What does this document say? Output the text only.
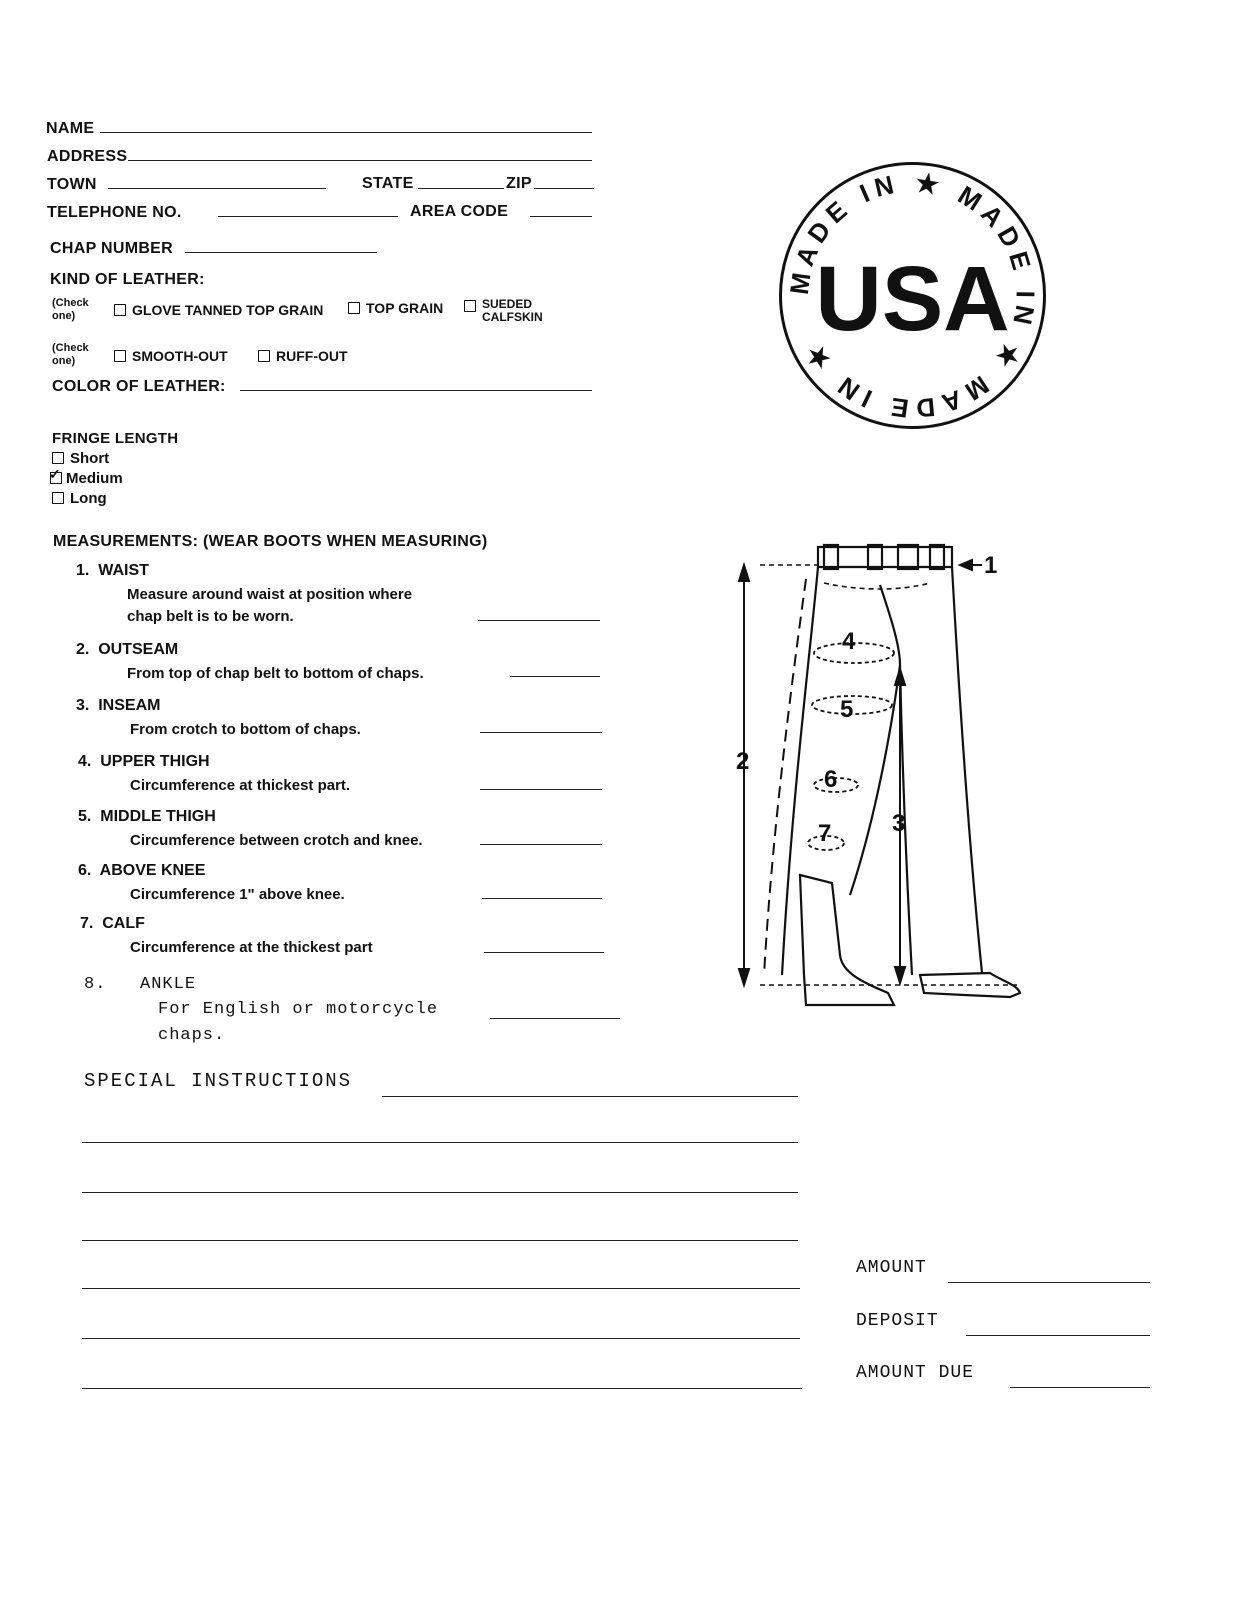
NAME
ADDRESS
TOWN	STATE	ZIP
TELEPHONE NO.	AREA CODE
CHAP NUMBER
KIND OF LEATHER:
(Check one)	GLOVE TANNED TOP GRAIN	TOP GRAIN	SUEDED CALFSKIN
(Check one)	SMOOTH-OUT	RUFF-OUT
COLOR OF LEATHER:
FRINGE LENGTH
Short
✓ Medium
Long
MEASUREMENTS: (WEAR BOOTS WHEN MEASURING)
1. WAIST
Measure around waist at position where
chap belt is to be worn.
2. OUTSEAM
From top of chap belt to bottom of chaps.
3. INSEAM
From crotch to bottom of chaps.
4. UPPER THIGH
Circumference at thickest part.
5. MIDDLE THIGH
Circumference between crotch and knee.
6. ABOVE KNEE
Circumference 1" above knee.
7. CALF
Circumference at the thickest part
8. ANKLE
For English or motorcycle
chaps.
SPECIAL INSTRUCTIONS
AMOUNT
DEPOSIT
AMOUNT DUE
MADE IN ★ MADE IN ★ MADE IN ★
USA
1
2
3
4
5
6
7
